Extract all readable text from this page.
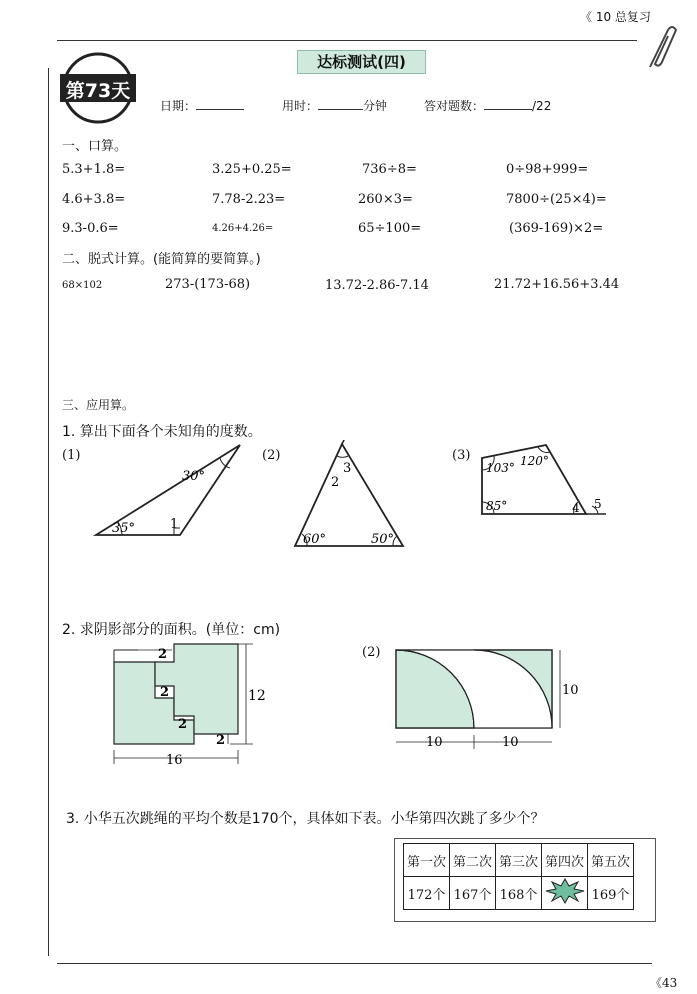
《 10 总复习
《43
第73天
达标测试(四)
日期：	用时：	分钟	答对题数：	/22
一、口算。
5.3+1.8=	3.25+0.25=	736÷8=	0÷98+999=
4.6+3.8=	7.78-2.23=	260×3=	7800÷(25×4)=
9.3-0.6=	4.26+4.26=	65÷100=	(369-169)×2=
二、脱式计算。(能简算的要简算。)
68×102	273-(173-68)	13.72-2.86-7.14	21.72+16.56+3.44
三、应用算。
1. 算出下面各个未知角的度数。
(1)
30°
35°	1
(2)
3
2
60°	50°
(3)
103° 120°
85°	4 5
2. 求阴影部分的面积。(单位：cm)
2
2
2
2
12
16
(2)
10	10
10
3. 小华五次跳绳的平均个数是170个，具体如下表。小华第四次跳了多少个？
第一次	第二次	第三次	第四次	第五次
172个	167个	168个		169个
